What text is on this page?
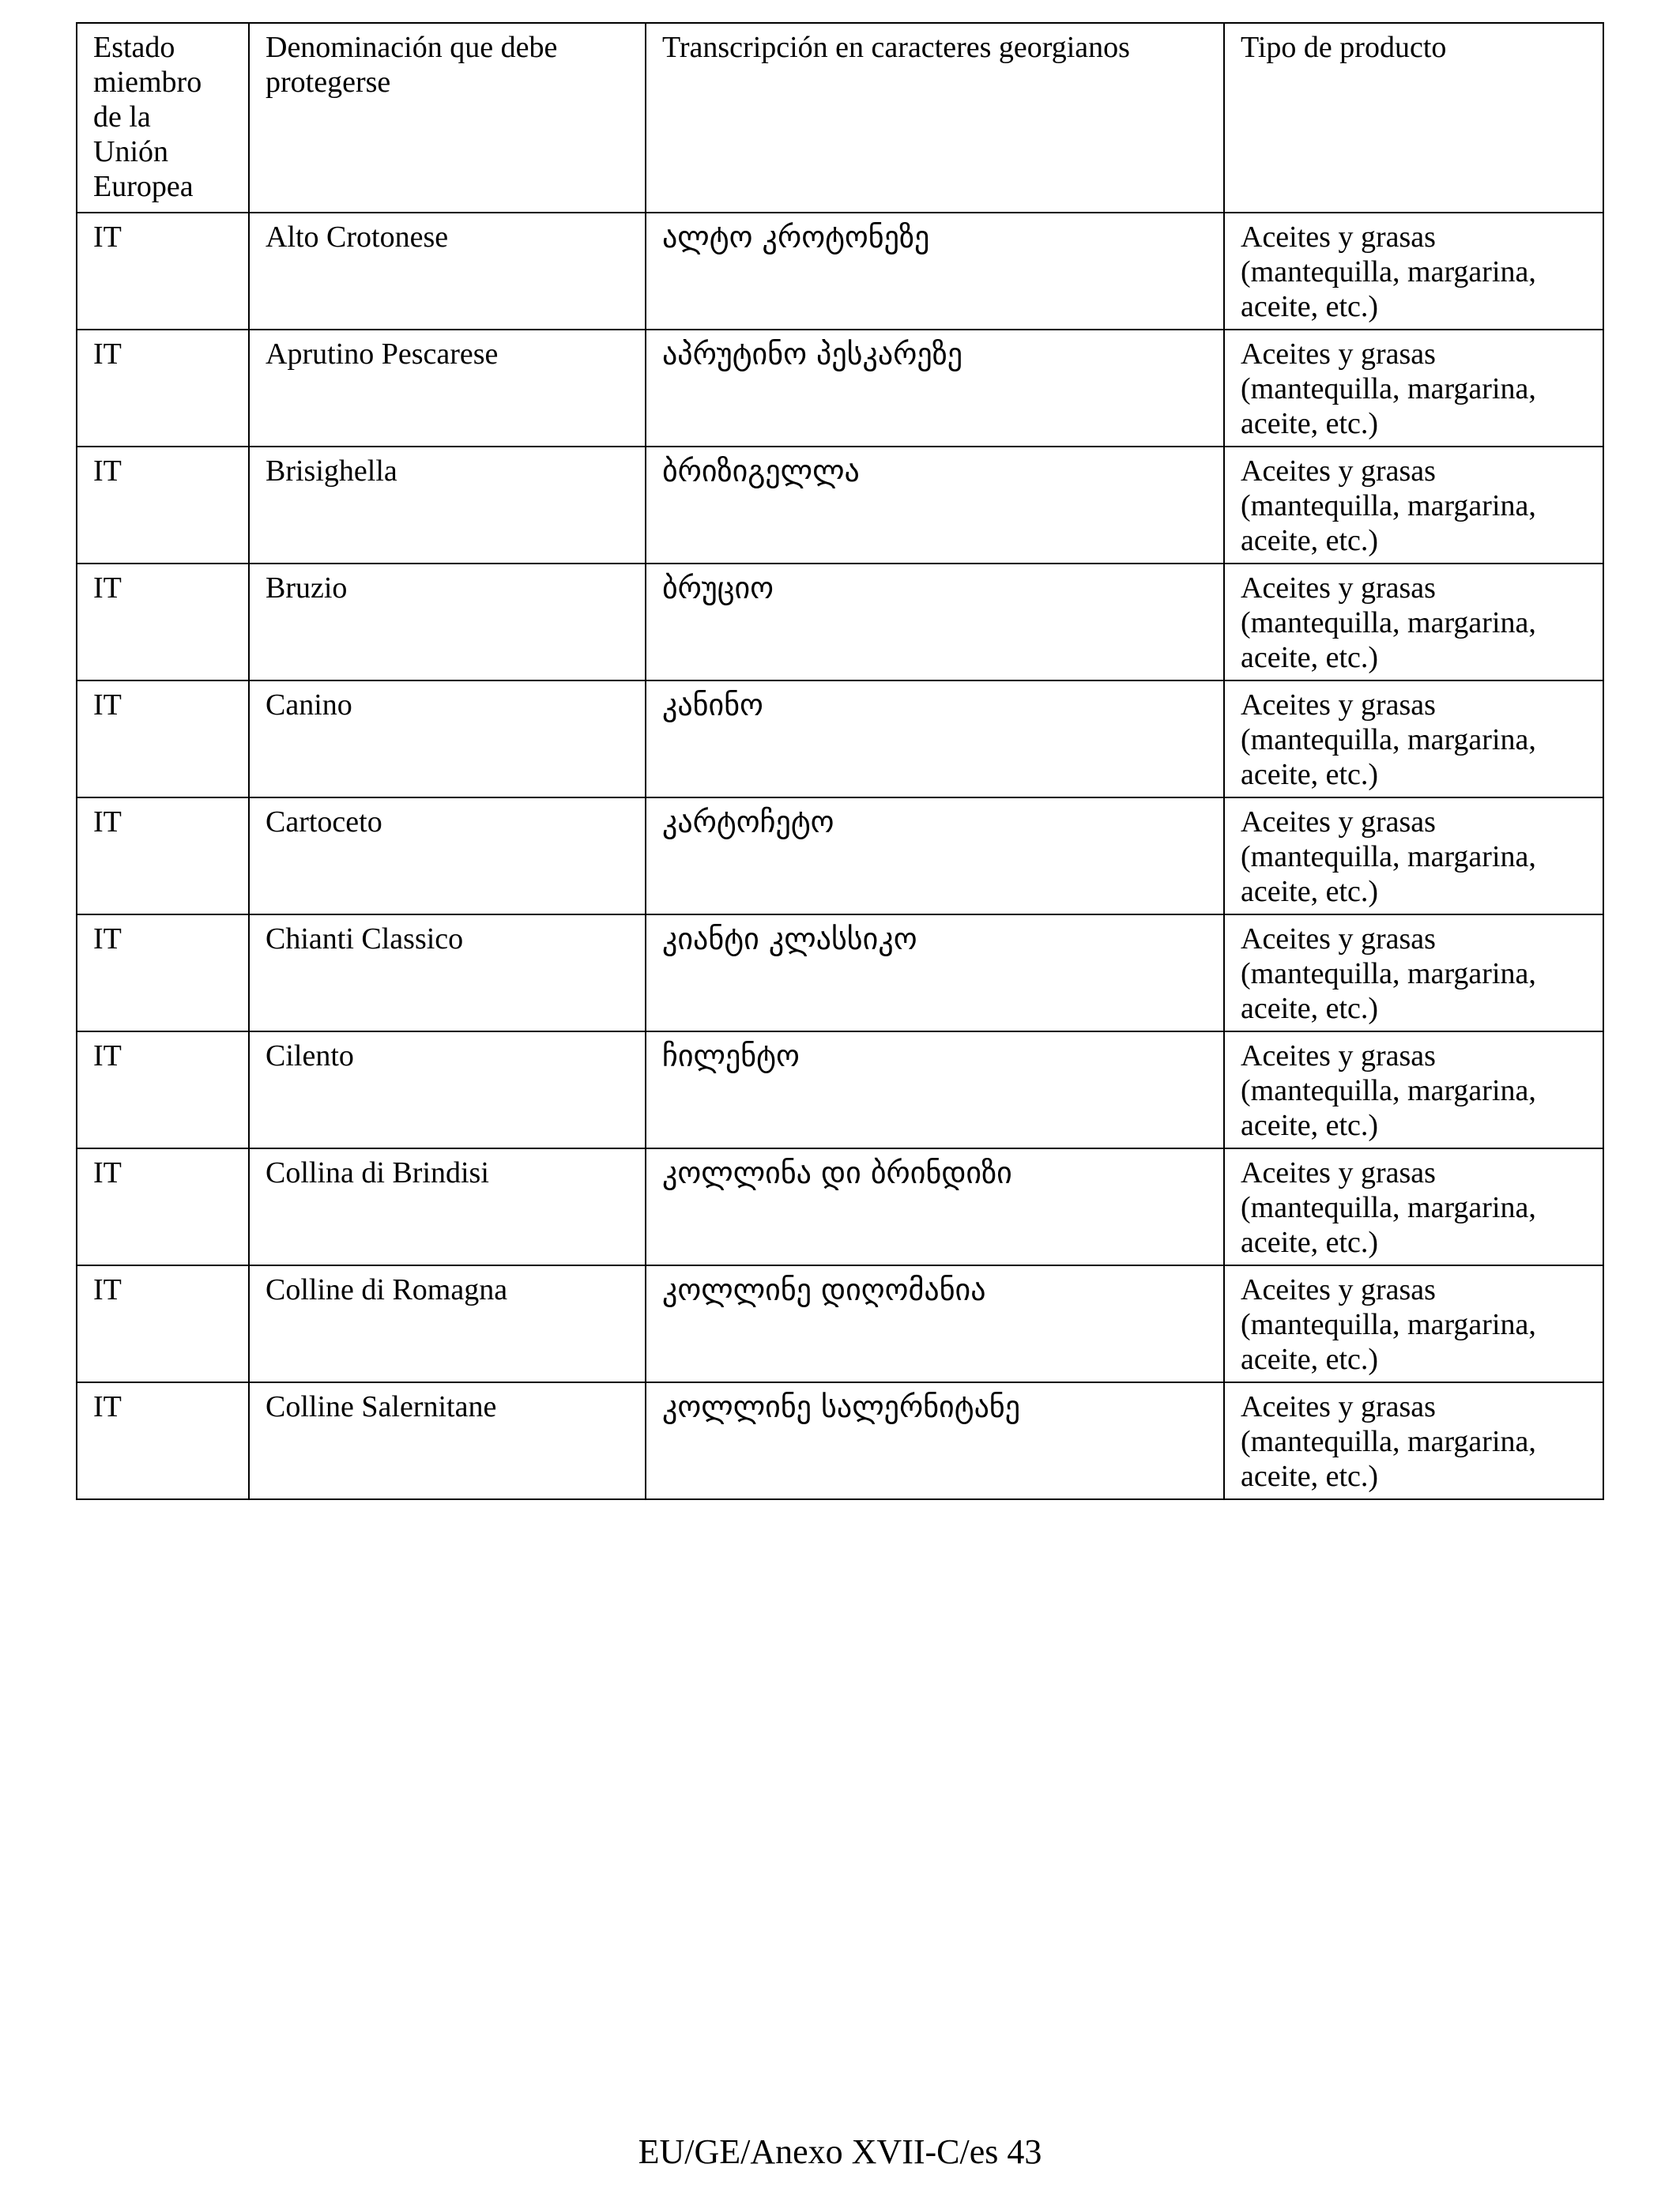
Estado miembro de la Unión Europea	Denominación que debe protegerse	Transcripción en caracteres georgianos	Tipo de producto
IT	Alto Crotonese	ალტო კროტონეზე	Aceites y grasas (mantequilla, margarina, aceite, etc.)
IT	Aprutino Pescarese	აპრუტინო პესკარეზე	Aceites y grasas (mantequilla, margarina, aceite, etc.)
IT	Brisighella	ბრიზიგელლა	Aceites y grasas (mantequilla, margarina, aceite, etc.)
IT	Bruzio	ბრუციო	Aceites y grasas (mantequilla, margarina, aceite, etc.)
IT	Canino	კანინო	Aceites y grasas (mantequilla, margarina, aceite, etc.)
IT	Cartoceto	კარტოჩეტო	Aceites y grasas (mantequilla, margarina, aceite, etc.)
IT	Chianti Classico	კიანტი კლასსიკო	Aceites y grasas (mantequilla, margarina, aceite, etc.)
IT	Cilento	ჩილენტო	Aceites y grasas (mantequilla, margarina, aceite, etc.)
IT	Collina di Brindisi	კოლლინა დი ბრინდიზი	Aceites y grasas (mantequilla, margarina, aceite, etc.)
IT	Colline di Romagna	კოლლინე დიღომანია	Aceites y grasas (mantequilla, margarina, aceite, etc.)
IT	Colline Salernitane	კოლლინე სალერნიტანე	Aceites y grasas (mantequilla, margarina, aceite, etc.)
EU/GE/Anexo XVII-C/es 43
